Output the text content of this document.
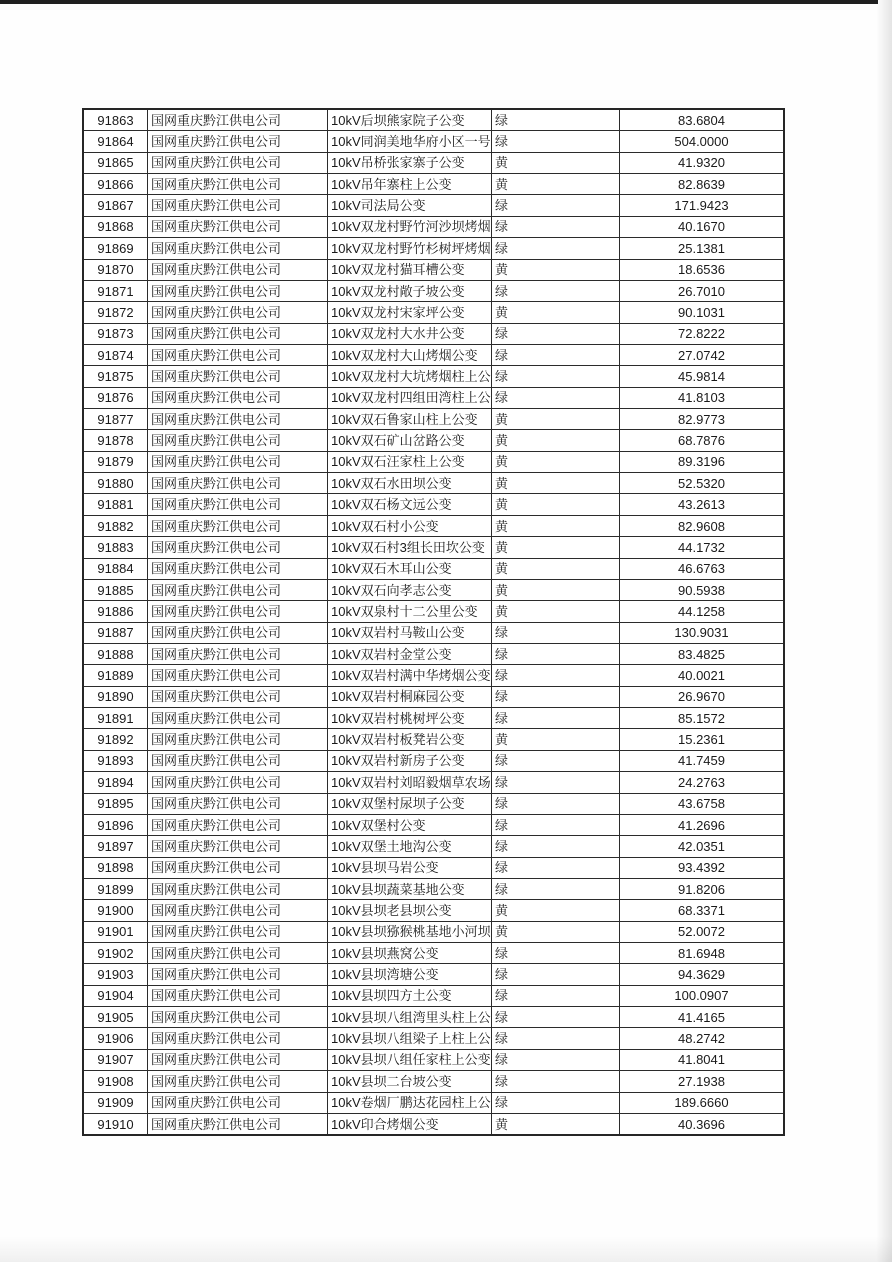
91863	国网重庆黔江供电公司	10kV后坝熊家院子公变	绿	83.6804
91864	国网重庆黔江供电公司	10kV同润美地华府小区一号 绿	504.0000
91865	国网重庆黔江供电公司	10kV吊桥张家寨子公变	黄	41.9320
91866	国网重庆黔江供电公司	10kV吊年寨柱上公变	黄	82.8639
91867	国网重庆黔江供电公司	10kV司法局公变	绿	171.9423
91868	国网重庆黔江供电公司	10kV双龙村野竹河沙坝烤烟 绿	40.1670
91869	国网重庆黔江供电公司	10kV双龙村野竹杉树坪烤烟 绿	25.1381
91870	国网重庆黔江供电公司	10kV双龙村猫耳槽公变	黄	18.6536
91871	国网重庆黔江供电公司	10kV双龙村敞子坡公变	绿	26.7010
91872	国网重庆黔江供电公司	10kV双龙村宋家坪公变	黄	90.1031
91873	国网重庆黔江供电公司	10kV双龙村大水井公变	绿	72.8222
91874	国网重庆黔江供电公司	10kV双龙村大山烤烟公变	绿	27.0742
91875	国网重庆黔江供电公司	10kV双龙村大坑烤烟柱上公 绿	45.9814
91876	国网重庆黔江供电公司	10kV双龙村四组田湾柱上公 绿	41.8103
91877	国网重庆黔江供电公司	10kV双石鲁家山柱上公变	黄	82.9773
91878	国网重庆黔江供电公司	10kV双石矿山岔路公变	黄	68.7876
91879	国网重庆黔江供电公司	10kV双石汪家柱上公变	黄	89.3196
91880	国网重庆黔江供电公司	10kV双石水田坝公变	黄	52.5320
91881	国网重庆黔江供电公司	10kV双石杨文远公变	黄	43.2613
91882	国网重庆黔江供电公司	10kV双石村小公变	黄	82.9608
91883	国网重庆黔江供电公司	10kV双石村3组长田坎公变 黄	44.1732
91884	国网重庆黔江供电公司	10kV双石木耳山公变	黄	46.6763
91885	国网重庆黔江供电公司	10kV双石向孝志公变	黄	90.5938
91886	国网重庆黔江供电公司	10kV双泉村十二公里公变	黄	44.1258
91887	国网重庆黔江供电公司	10kV双岩村马鞍山公变	绿	130.9031
91888	国网重庆黔江供电公司	10kV双岩村金堂公变	绿	83.4825
91889	国网重庆黔江供电公司	10kV双岩村满中华烤烟公变 绿	40.0021
91890	国网重庆黔江供电公司	10kV双岩村桐麻园公变	绿	26.9670
91891	国网重庆黔江供电公司	10kV双岩村桃树坪公变	绿	85.1572
91892	国网重庆黔江供电公司	10kV双岩村板凳岩公变	黄	15.2361
91893	国网重庆黔江供电公司	10kV双岩村新房子公变	绿	41.7459
91894	国网重庆黔江供电公司	10kV双岩村刘昭毅烟草农场 绿	24.2763
91895	国网重庆黔江供电公司	10kV双堡村尿坝子公变	绿	43.6758
91896	国网重庆黔江供电公司	10kV双堡村公变	绿	41.2696
91897	国网重庆黔江供电公司	10kV双堡土地沟公变	绿	42.0351
91898	国网重庆黔江供电公司	10kV县坝马岩公变	绿	93.4392
91899	国网重庆黔江供电公司	10kV县坝蔬菜基地公变	绿	91.8206
91900	国网重庆黔江供电公司	10kV县坝老县坝公变	黄	68.3371
91901	国网重庆黔江供电公司	10kV县坝猕猴桃基地小河坝 黄	52.0072
91902	国网重庆黔江供电公司	10kV县坝燕窝公变	绿	81.6948
91903	国网重庆黔江供电公司	10kV县坝湾塘公变	绿	94.3629
91904	国网重庆黔江供电公司	10kV县坝四方土公变	绿	100.0907
91905	国网重庆黔江供电公司	10kV县坝八组湾里头柱上公 绿	41.4165
91906	国网重庆黔江供电公司	10kV县坝八组梁子上柱上公 绿	48.2742
91907	国网重庆黔江供电公司	10kV县坝八组任家柱上公变 绿	41.8041
91908	国网重庆黔江供电公司	10kV县坝二台坡公变	绿	27.1938
91909	国网重庆黔江供电公司	10kV卷烟厂鹏达花园柱上公 绿	189.6660
91910	国网重庆黔江供电公司	10kV印合烤烟公变	黄	40.3696
